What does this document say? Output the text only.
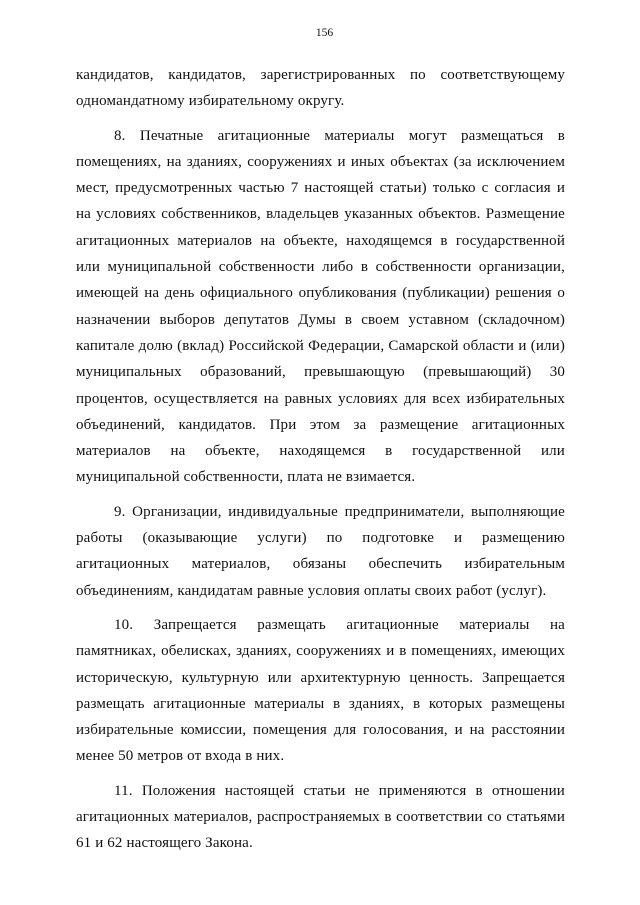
156

кандидатов, кандидатов, зарегистрированных по соответствующему одномандатному избирательному округу.

8. Печатные агитационные материалы могут размещаться в помещениях, на зданиях, сооружениях и иных объектах (за исключением мест, предусмотренных частью 7 настоящей статьи) только с согласия и на условиях собственников, владельцев указанных объектов. Размещение агитационных материалов на объекте, находящемся в государственной или муниципальной собственности либо в собственности организации, имеющей на день официального опубликования (публикации) решения о назначении выборов депутатов Думы в своем уставном (складочном) капитале долю (вклад) Российской Федерации, Самарской области и (или) муниципальных образований, превышающую (превышающий) 30 процентов, осуществляется на равных условиях для всех избирательных объединений, кандидатов. При этом за размещение агитационных материалов на объекте, находящемся в государственной или муниципальной собственности, плата не взимается.

9. Организации, индивидуальные предприниматели, выполняющие работы (оказывающие услуги) по подготовке и размещению агитационных материалов, обязаны обеспечить избирательным объединениям, кандидатам равные условия оплаты своих работ (услуг).

10. Запрещается размещать агитационные материалы на памятниках, обелисках, зданиях, сооружениях и в помещениях, имеющих историческую, культурную или архитектурную ценность. Запрещается размещать агитационные материалы в зданиях, в которых размещены избирательные комиссии, помещения для голосования, и на расстоянии менее 50 метров от входа в них.

11. Положения настоящей статьи не применяются в отношении агитационных материалов, распространяемых в соответствии со статьями 61 и 62 настоящего Закона.
